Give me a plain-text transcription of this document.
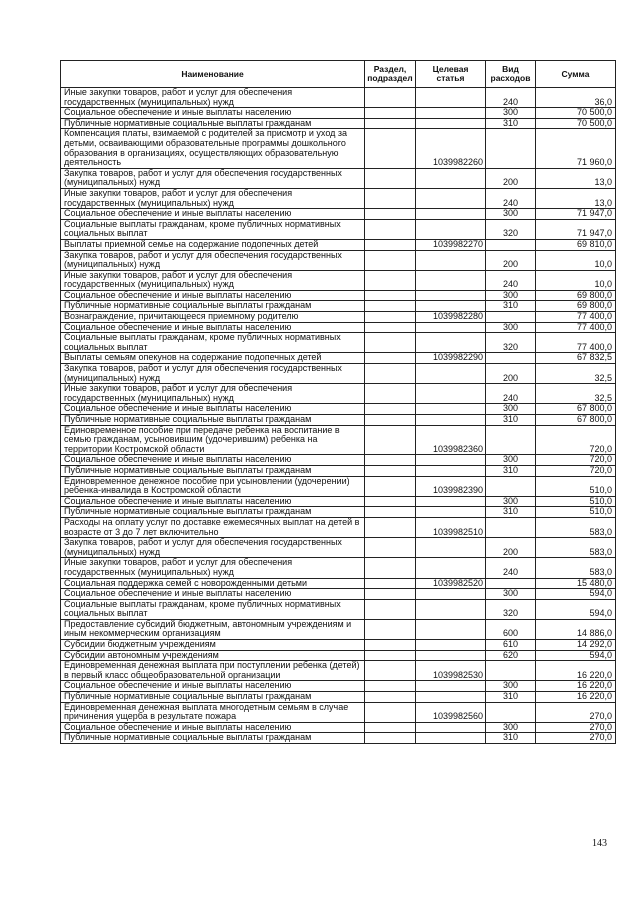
Наименование	Раздел, подраздел	Целевая статья	Вид расходов	Сумма
Иные закупки товаров, работ и услуг для обеспечения государственных (муниципальных) нужд			240	36,0
Социальное обеспечение и иные выплаты населению			300	70 500,0
Публичные нормативные социальные выплаты гражданам			310	70 500,0
Компенсация платы, взимаемой с родителей за присмотр и уход за детьми, осваивающими образовательные программы дошкольного образования в организациях, осуществляющих образовательную деятельность		1039982260		71 960,0
Закупка товаров, работ и услуг для обеспечения государственных (муниципальных) нужд			200	13,0
Иные закупки товаров, работ и услуг для обеспечения государственных (муниципальных) нужд			240	13,0
Социальное обеспечение и иные выплаты населению			300	71 947,0
Социальные выплаты гражданам, кроме публичных нормативных социальных выплат			320	71 947,0
Выплаты приемной семье на содержание подопечных детей		1039982270		69 810,0
Закупка товаров, работ и услуг для обеспечения государственных (муниципальных) нужд			200	10,0
Иные закупки товаров, работ и услуг для обеспечения государственных (муниципальных) нужд			240	10,0
Социальное обеспечение и иные выплаты населению			300	69 800,0
Публичные нормативные социальные выплаты гражданам			310	69 800,0
Вознаграждение, причитающееся приемному родителю		1039982280		77 400,0
Социальное обеспечение и иные выплаты населению			300	77 400,0
Социальные выплаты гражданам, кроме публичных нормативных социальных выплат			320	77 400,0
Выплаты семьям опекунов на содержание подопечных детей		1039982290		67 832,5
Закупка товаров, работ и услуг для обеспечения государственных (муниципальных) нужд			200	32,5
Иные закупки товаров, работ и услуг для обеспечения государственных (муниципальных) нужд			240	32,5
Социальное обеспечение и иные выплаты населению			300	67 800,0
Публичные нормативные социальные выплаты гражданам			310	67 800,0
Единовременное пособие при передаче ребенка на воспитание в семью гражданам, усыновившим (удочерившим) ребенка на территории Костромской области		1039982360		720,0
Социальное обеспечение и иные выплаты населению			300	720,0
Публичные нормативные социальные выплаты гражданам			310	720,0
Единовременное денежное пособие при усыновлении (удочерении) ребенка-инвалида в Костромской области		1039982390		510,0
Социальное обеспечение и иные выплаты населению			300	510,0
Публичные нормативные социальные выплаты гражданам			310	510,0
Расходы на оплату услуг по доставке ежемесячных выплат на детей в возрасте от 3 до 7 лет включительно		1039982510		583,0
Закупка товаров, работ и услуг для обеспечения государственных (муниципальных) нужд			200	583,0
Иные закупки товаров, работ и услуг для обеспечения государственных (муниципальных) нужд			240	583,0
Социальная поддержка семей с новорожденными детьми		1039982520		15 480,0
Социальное обеспечение и иные выплаты населению			300	594,0
Социальные выплаты гражданам, кроме публичных нормативных социальных выплат			320	594,0
Предоставление субсидий бюджетным, автономным учреждениям и иным некоммерческим организациям			600	14 886,0
Субсидии бюджетным учреждениям			610	14 292,0
Субсидии автономным учреждениям			620	594,0
Единовременная денежная выплата при поступлении ребенка (детей) в первый класс общеобразовательной организации		1039982530		16 220,0
Социальное обеспечение и иные выплаты населению			300	16 220,0
Публичные нормативные социальные выплаты гражданам			310	16 220,0
Единовременная денежная выплата многодетным семьям в случае причинения ущерба в результате пожара		1039982560		270,0
Социальное обеспечение и иные выплаты населению			300	270,0
Публичные нормативные социальные выплаты гражданам			310	270,0
143
